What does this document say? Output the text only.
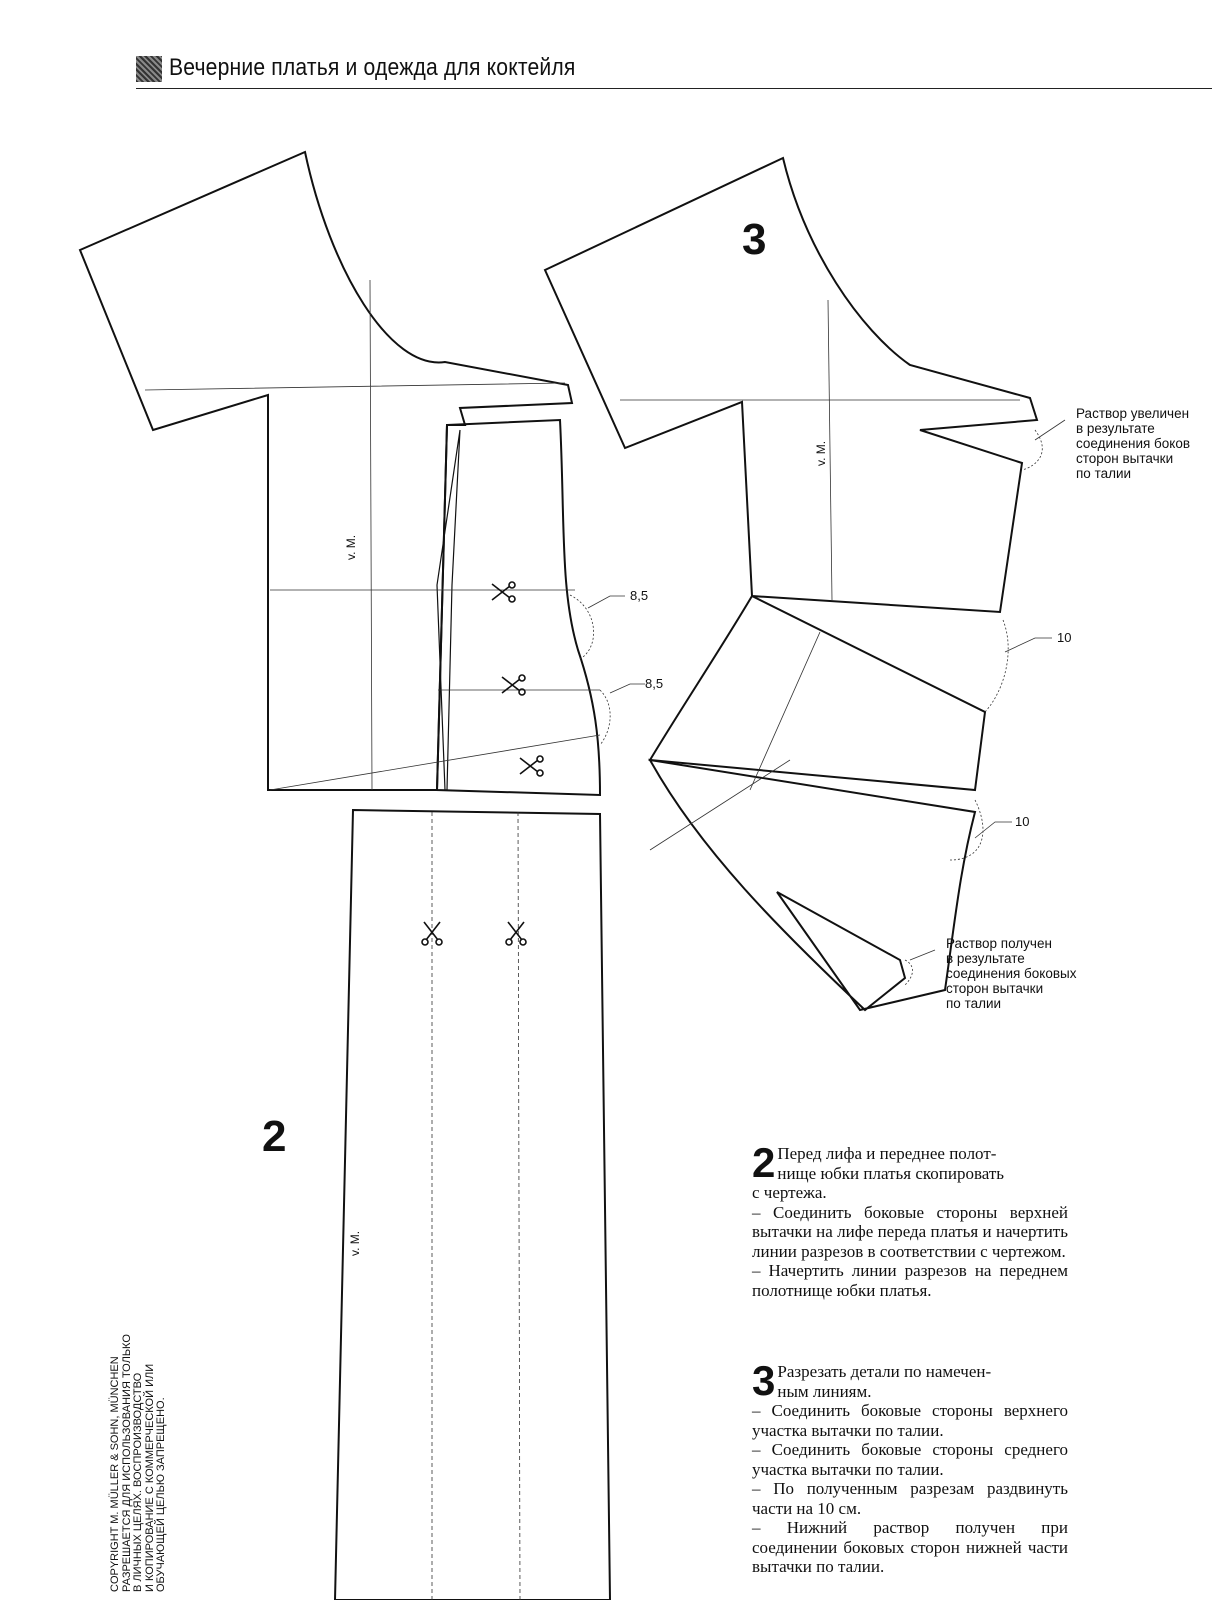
Вечерние платья и одежда для коктейля
3
2
v. M.
v. M.
v. M.
8,5
8,5
10
10
Раствор увеличен
в результате
соединения боков
сторон вытачки
по талии
Раствор получен
в результате
соединения боковых
сторон вытачки
по талии
2 Перед лифа и переднее полот-

нище юбки платья скопировать

с чертежа.

– Соединить боковые стороны верхней вытачки на лифе переда платья и начертить линии разрезов в соответствии с чертежом.

– Начертить линии разрезов на переднем полотнище юбки платья.

3 Разрезать детали по намечен-

ным линиям.

– Соединить боковые стороны верхнего участка вытачки по талии.

– Соединить боковые стороны среднего участка вытачки по талии.

– По полученным разрезам раздвинуть части на 10 см.

– Нижний раствор получен при соединении боковых сторон нижней части вытачки по талии.

COPYRIGHT M. MÜLLER & SOHN, MÜNCHEN РАЗРЕШАЕТСЯ ДЛЯ ИСПОЛЬЗОВАНИЯ ТОЛЬКО В ЛИЧНЫХ ЦЕЛЯХ. ВОСПРОИЗВОДСТВО И КОПИРОВАНИЕ С КОММЕРЧЕСКОЙ ИЛИ ОБУЧАЮЩЕЙ ЦЕЛЬЮ ЗАПРЕЩЕНО.
